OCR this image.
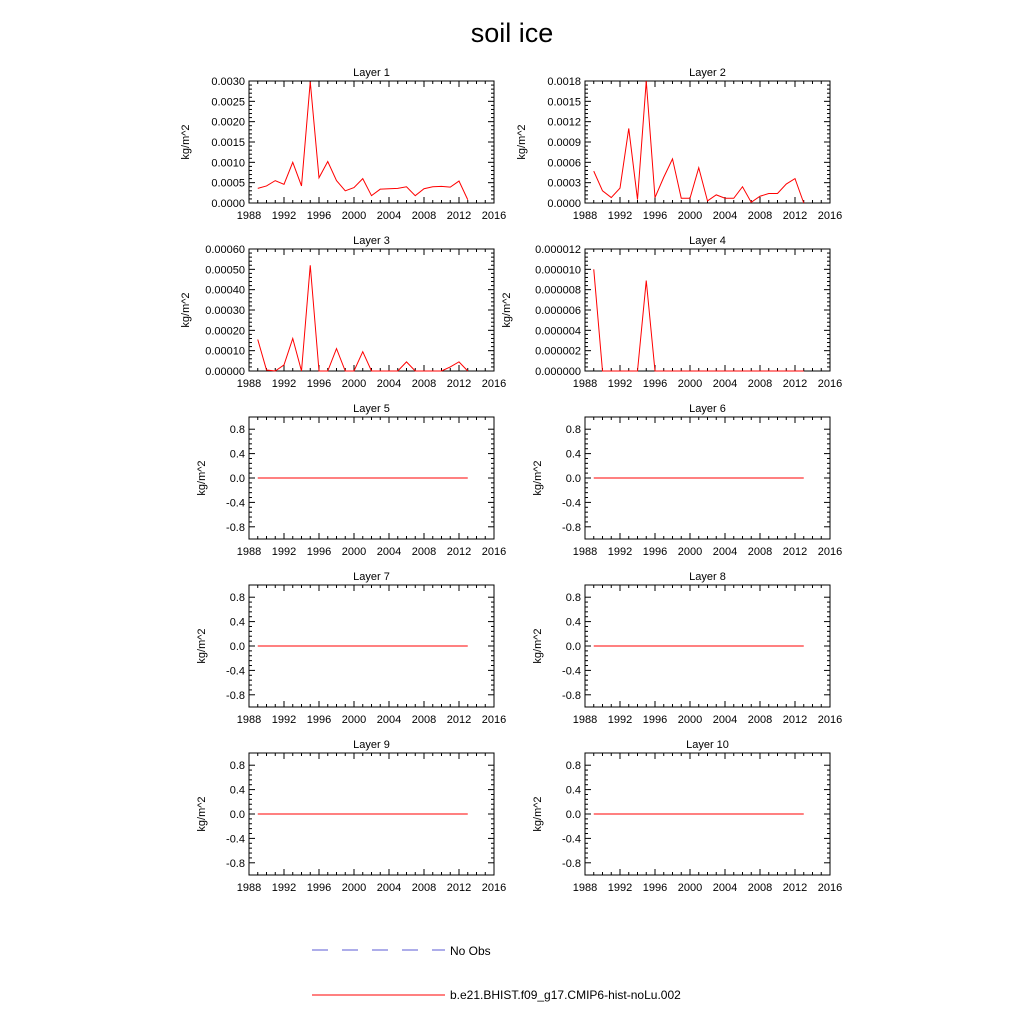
soil ice
Layer 1
1988 1992 1996 2000 2004 2008 2012 2016
0.0000
0.0005
0.0010
0.0015
0.0020
0.0025
0.0030
kg/m^2
Layer 2
1988 1992 1996 2000 2004 2008 2012 2016
0.0000
0.0003
0.0006
0.0009
0.0012
0.0015
0.0018
kg/m^2
Layer 3
1988 1992 1996 2000 2004 2008 2012 2016
0.00000
0.00010
0.00020
0.00030
0.00040
0.00050
0.00060
kg/m^2
Layer 4
1988 1992 1996 2000 2004 2008 2012 2016
0.000000
0.000002
0.000004
0.000006
0.000008
0.000010
0.000012
kg/m^2
Layer 5
1988 1992 1996 2000 2004 2008 2012 2016
-0.8
-0.4
0.0
0.4
0.8
kg/m^2
Layer 6
1988 1992 1996 2000 2004 2008 2012 2016
-0.8
-0.4
0.0
0.4
0.8
kg/m^2
Layer 7
1988 1992 1996 2000 2004 2008 2012 2016
-0.8
-0.4
0.0
0.4
0.8
kg/m^2
Layer 8
1988 1992 1996 2000 2004 2008 2012 2016
-0.8
-0.4
0.0
0.4
0.8
kg/m^2
Layer 9
1988 1992 1996 2000 2004 2008 2012 2016
-0.8
-0.4
0.0
0.4
0.8
kg/m^2
Layer 10
1988 1992 1996 2000 2004 2008 2012 2016
-0.8
-0.4
0.0
0.4
0.8
kg/m^2
No Obs
b.e21.BHIST.f09_g17.CMIP6-hist-noLu.002
